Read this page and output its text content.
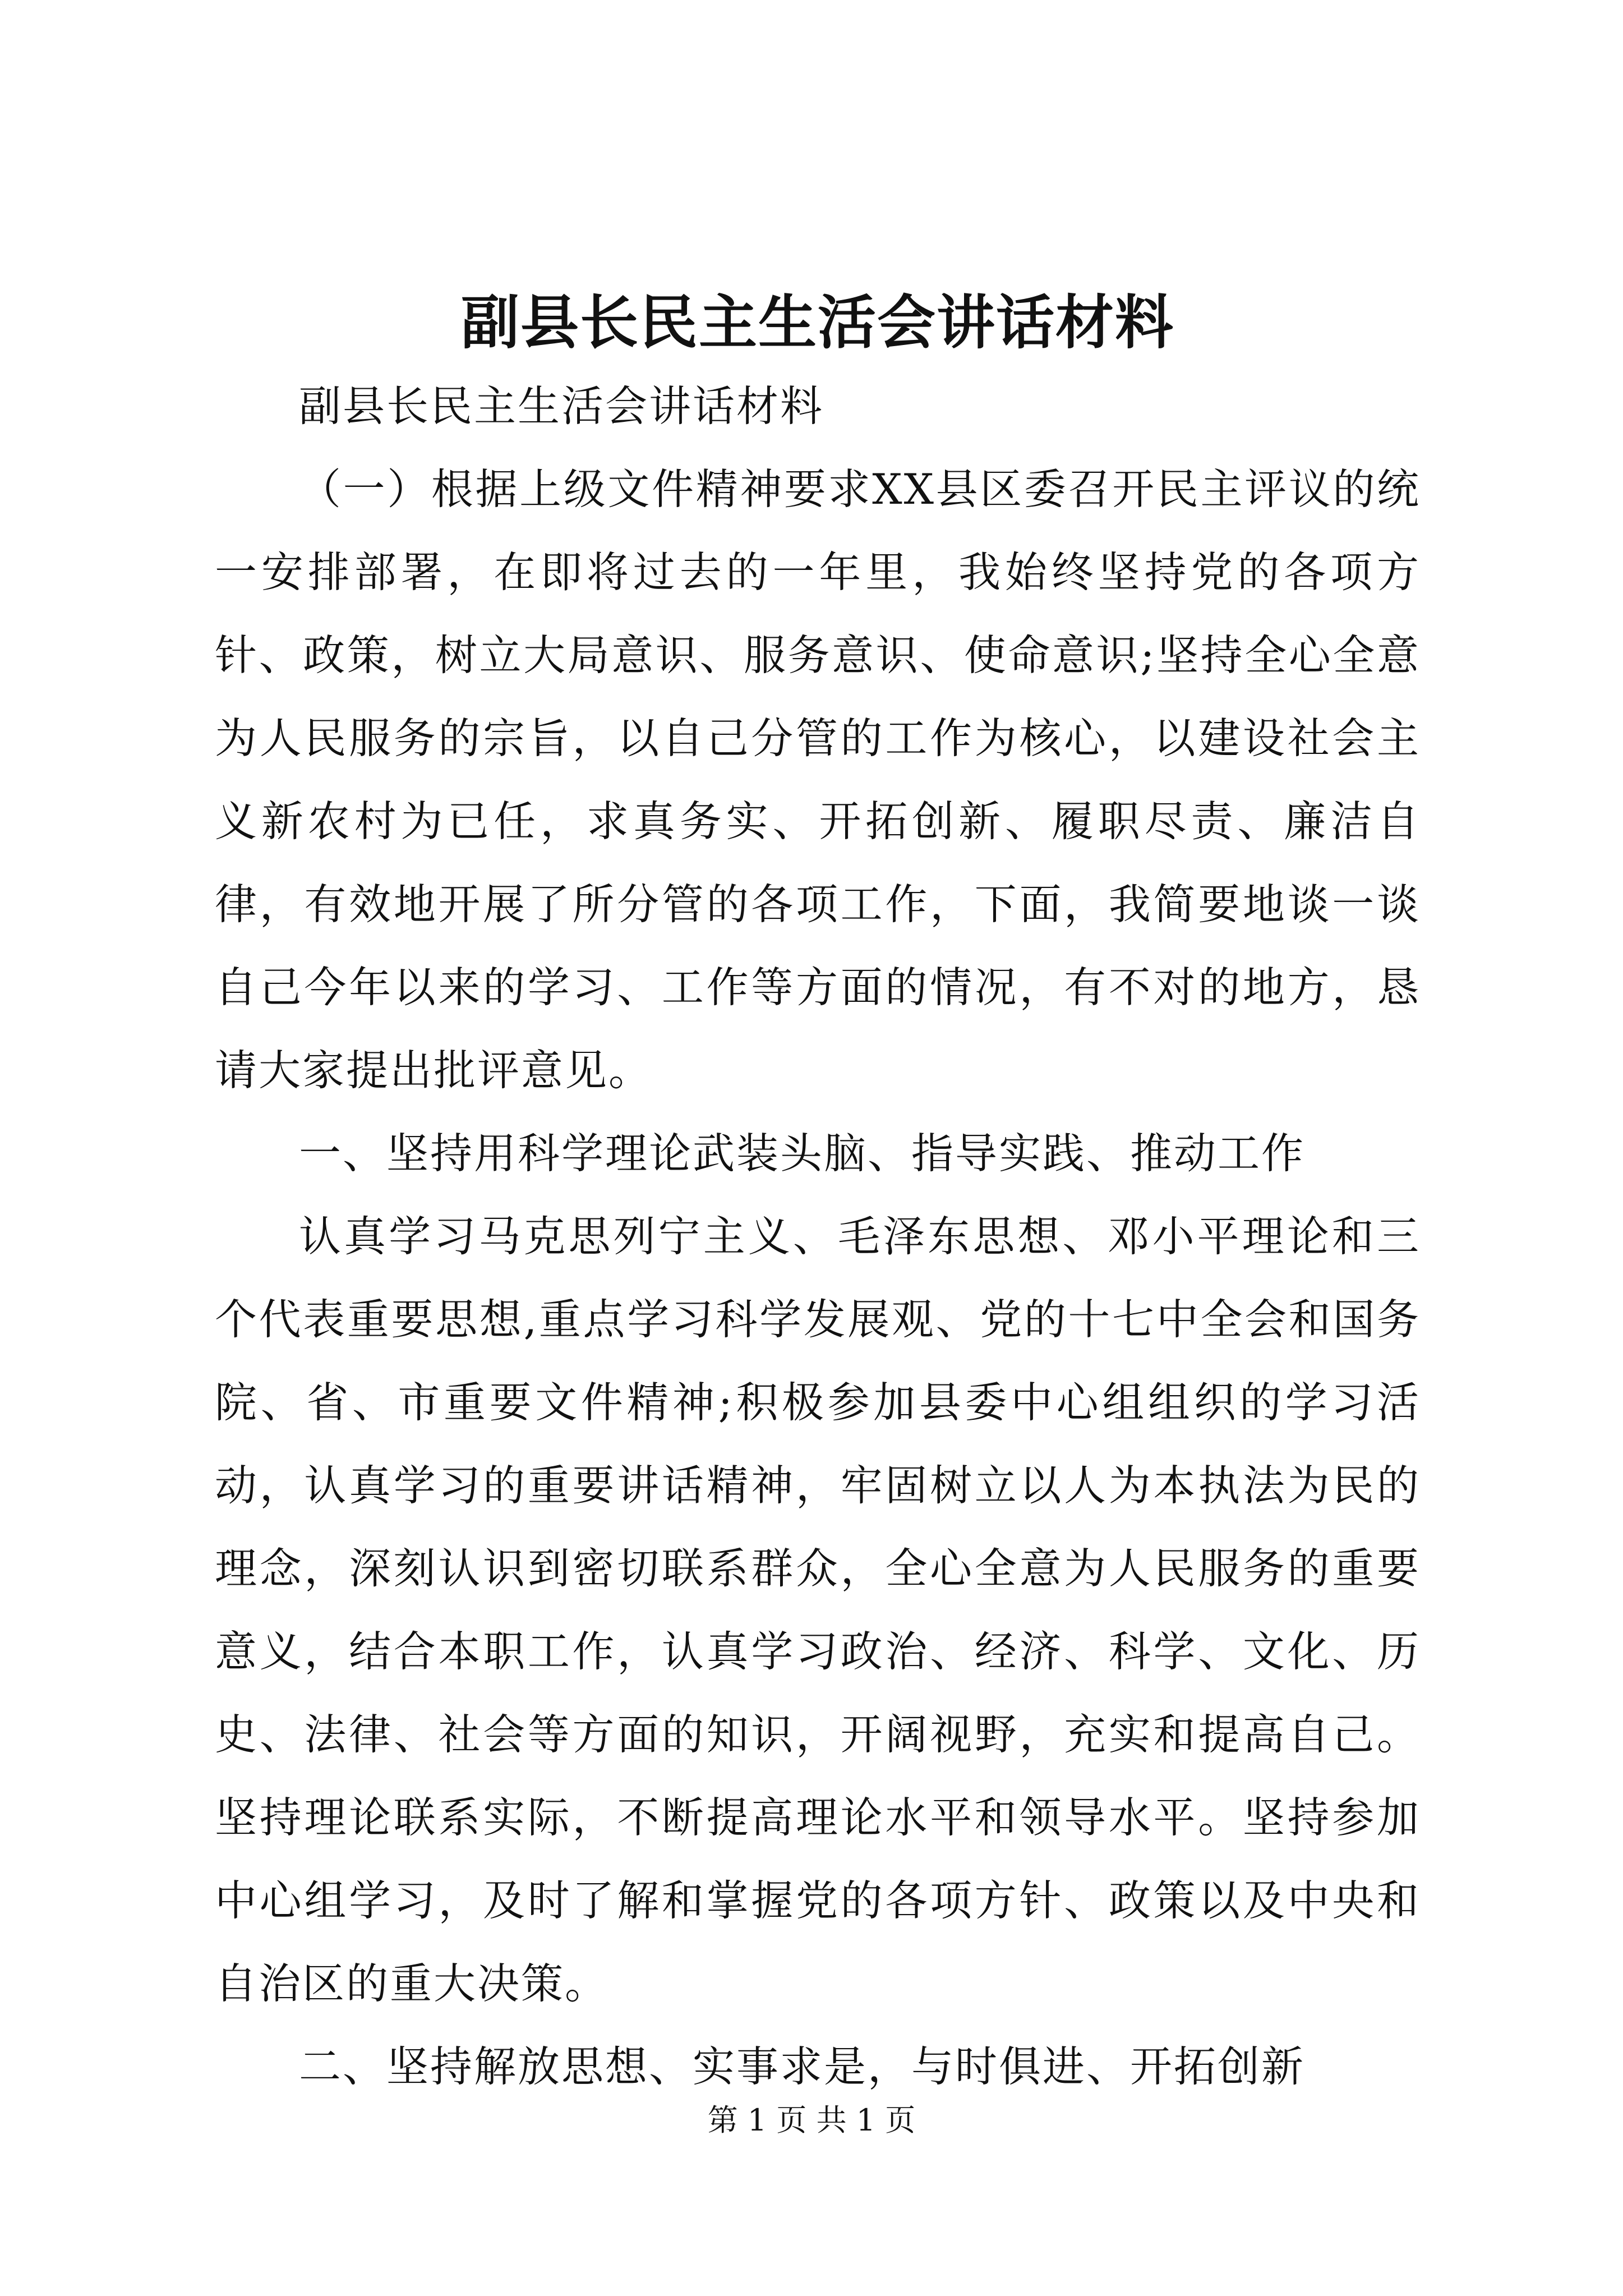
副县长民主生活会讲话材料

副县长民主生活会讲话材料

（一）根据上级文件精神要求XX县区委召开民主评议的统一安排部署，在即将过去的一年里，我始终坚持党的各项方针、政策，树立大局意识、服务意识、使命意识;坚持全心全意为人民服务的宗旨，以自己分管的工作为核心，以建设社会主义新农村为已任，求真务实、开拓创新、履职尽责、廉洁自律，有效地开展了所分管的各项工作，下面，我简要地谈一谈自己今年以来的学习、工作等方面的情况，有不对的地方，恳请大家提出批评意见。

一、坚持用科学理论武装头脑、指导实践、推动工作

认真学习马克思列宁主义、毛泽东思想、邓小平理论和三个代表重要思想,重点学习科学发展观、党的十七中全会和国务院、省、市重要文件精神;积极参加县委中心组组织的学习活动，认真学习的重要讲话精神，牢固树立以人为本执法为民的理念，深刻认识到密切联系群众，全心全意为人民服务的重要意义，结合本职工作，认真学习政治、经济、科学、文化、历史、法律、社会等方面的知识，开阔视野，充实和提高自己。坚持理论联系实际，不断提高理论水平和领导水平。坚持参加中心组学习，及时了解和掌握党的各项方针、政策以及中央和自治区的重大决策。

二、坚持解放思想、实事求是，与时俱进、开拓创新

第 1 页 共 1 页
